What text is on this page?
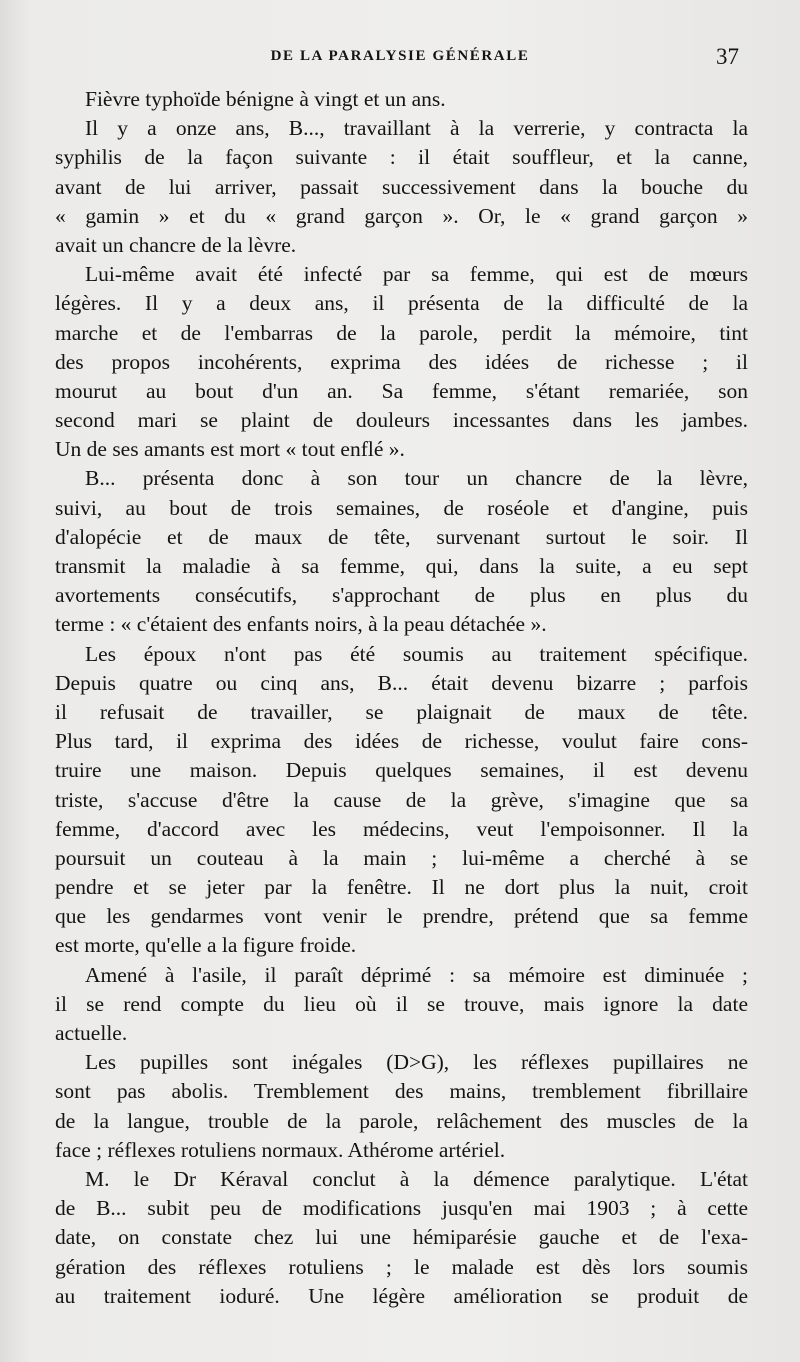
DE LA PARALYSIE GÉNÉRALE	37
Fièvre typhoïde bénigne à vingt et un ans.
Il y a onze ans, B..., travaillant à la verrerie, y contracta la
syphilis de la façon suivante : il était souffleur, et la canne,
avant de lui arriver, passait successivement dans la bouche du
« gamin » et du « grand garçon ». Or, le « grand garçon »
avait un chancre de la lèvre.
Lui-même avait été infecté par sa femme, qui est de mœurs
légères. Il y a deux ans, il présenta de la difficulté de la
marche et de l'embarras de la parole, perdit la mémoire, tint
des propos incohérents, exprima des idées de richesse ; il
mourut au bout d'un an. Sa femme, s'étant remariée, son
second mari se plaint de douleurs incessantes dans les jambes.
Un de ses amants est mort « tout enflé ».
B... présenta donc à son tour un chancre de la lèvre,
suivi, au bout de trois semaines, de roséole et d'angine, puis
d'alopécie et de maux de tête, survenant surtout le soir. Il
transmit la maladie à sa femme, qui, dans la suite, a eu sept
avortements consécutifs, s'approchant de plus en plus du
terme : « c'étaient des enfants noirs, à la peau détachée ».
Les époux n'ont pas été soumis au traitement spécifique.
Depuis quatre ou cinq ans, B... était devenu bizarre ; parfois
il refusait de travailler, se plaignait de maux de tête.
Plus tard, il exprima des idées de richesse, voulut faire cons-
truire une maison. Depuis quelques semaines, il est devenu
triste, s'accuse d'être la cause de la grève, s'imagine que sa
femme, d'accord avec les médecins, veut l'empoisonner. Il la
poursuit un couteau à la main ; lui-même a cherché à se
pendre et se jeter par la fenêtre. Il ne dort plus la nuit, croit
que les gendarmes vont venir le prendre, prétend que sa femme
est morte, qu'elle a la figure froide.
Amené à l'asile, il paraît déprimé : sa mémoire est diminuée ;
il se rend compte du lieu où il se trouve, mais ignore la date
actuelle.
Les pupilles sont inégales (D>G), les réflexes pupillaires ne
sont pas abolis. Tremblement des mains, tremblement fibrillaire
de la langue, trouble de la parole, relâchement des muscles de la
face ; réflexes rotuliens normaux. Athérome artériel.
M. le Dr Kéraval conclut à la démence paralytique. L'état
de B... subit peu de modifications jusqu'en mai 1903 ; à cette
date, on constate chez lui une hémiparésie gauche et de l'exa-
gération des réflexes rotuliens ; le malade est dès lors soumis
au traitement ioduré. Une légère amélioration se produit de
